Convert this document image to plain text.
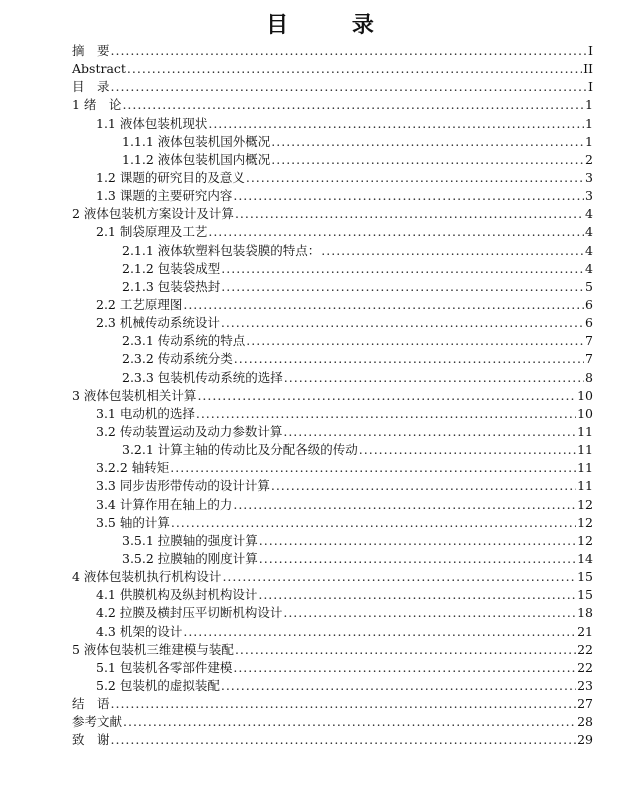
目 录
摘　要 .....	I
Abstract .....	II
目　录 .....	I
1 绪　论 .....	1
1.1 液体包装机现状 .....	1
1.1.1 液体包装机国外概况 .....	1
1.1.2 液体包装机国内概况 .....	2
1.2 课题的研究目的及意义 .....	3
1.3 课题的主要研究内容 .....	3
2 液体包装机方案设计及计算 .....	4
2.1 制袋原理及工艺 .....	4
2.1.1 液体软塑料包装袋膜的特点： .....	4
2.1.2 包装袋成型 .....	4
2.1.3 包装袋热封 .....	5
2.2 工艺原理图 .....	6
2.3 机械传动系统设计 .....	6
2.3.1 传动系统的特点 .....	7
2.3.2 传动系统分类 .....	7
2.3.3 包装机传动系统的选择 .....	8
3 液体包装机相关计算 .....	10
3.1 电动机的选择 .....	10
3.2 传动装置运动及动力参数计算 .....	11
3.2.1 计算主轴的传动比及分配各级的传动 .....	11
3.2.2 轴转矩 .....	11
3.3 同步齿形带传动的设计计算 .....	11
3.4 计算作用在轴上的力 .....	12
3.5 轴的计算 .....	12
3.5.1 拉膜轴的强度计算 .....	12
3.5.2 拉膜轴的刚度计算 .....	14
4 液体包装机执行机构设计 .....	15
4.1 供膜机构及纵封机构设计 .....	15
4.2 拉膜及横封压平切断机构设计 .....	18
4.3 机架的设计 .....	21
5 液体包装机三维建模与装配 .....	22
5.1 包装机各零部件建模 .....	22
5.2 包装机的虚拟装配 .....	23
结　语 .....	27
参考文献 .....	28
致　谢 .....	29
